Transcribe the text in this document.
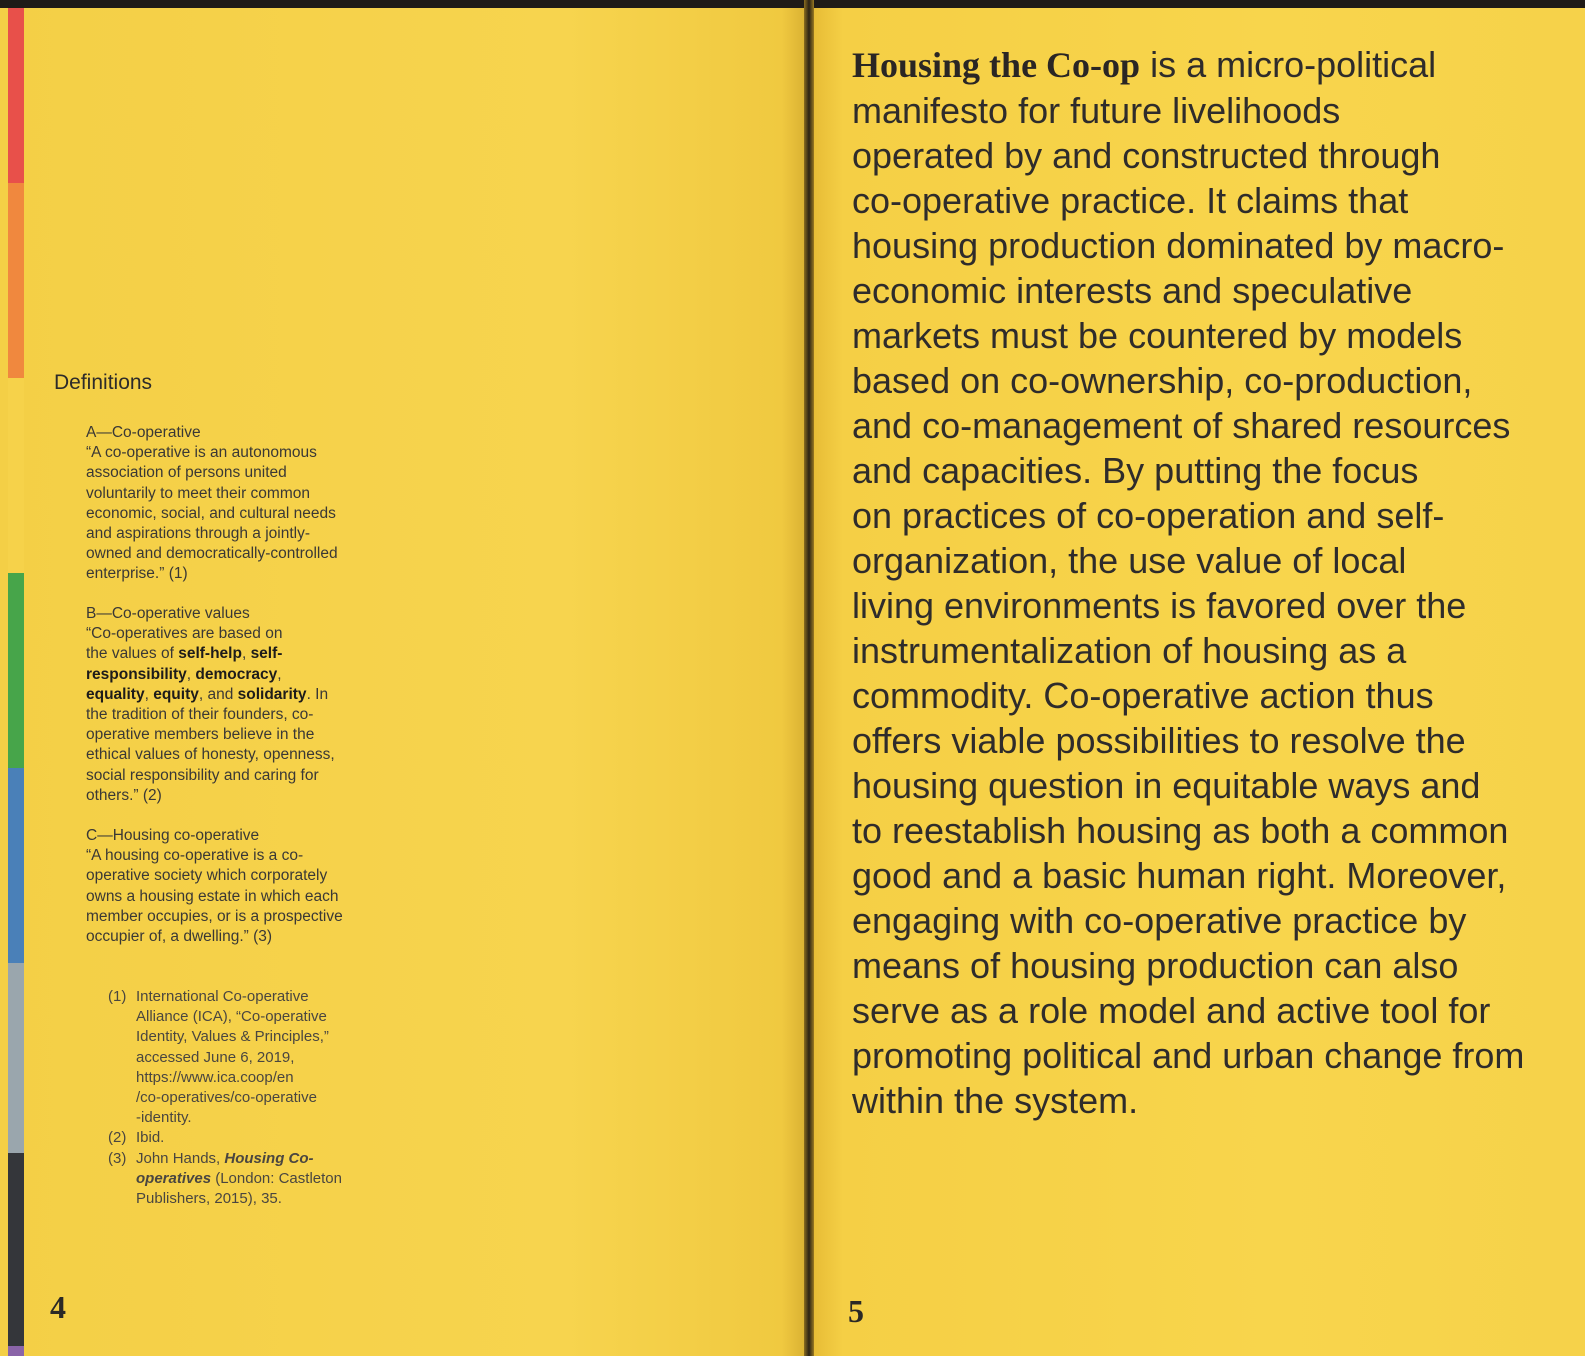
Definitions
A—Co-operative
“A co-operative is an autonomous
association of persons united
voluntarily to meet their common
economic, social, and cultural needs
and aspirations through a jointly-
owned and democratically-controlled
enterprise.” (1)
B—Co-operative values
“Co-operatives are based on
the values of self-help, self-
responsibility, democracy,
equality, equity, and solidarity. In
the tradition of their founders, co-
operative members believe in the
ethical values of honesty, openness,
social responsibility and caring for
others.” (2)
C—Housing co-operative
“A housing co-operative is a co-
operative society which corporately
owns a housing estate in which each
member occupies, or is a prospective
occupier of, a dwelling.” (3)
(1) International Co-operative
Alliance (ICA), “Co-operative
Identity, Values & Principles,”
accessed June 6, 2019,
https://www.ica.coop/en
/co-operatives/co-operative
-identity.
(2) Ibid.
(3) John Hands, Housing Co-
operatives (London: Castleton
Publishers, 2015), 35.
4
Housing the Co-op is a micro-political
manifesto for future livelihoods
operated by and constructed through
co-operative practice. It claims that
housing production dominated by macro-
economic interests and speculative
markets must be countered by models
based on co-ownership, co-production,
and co-management of shared resources
and capacities. By putting the focus
on practices of co-operation and self-
organization, the use value of local
living environments is favored over the
instrumentalization of housing as a
commodity. Co-operative action thus
offers viable possibilities to resolve the
housing question in equitable ways and
to reestablish housing as both a common
good and a basic human right. Moreover,
engaging with co-operative practice by
means of housing production can also
serve as a role model and active tool for
promoting political and urban change from
within the system.
5
